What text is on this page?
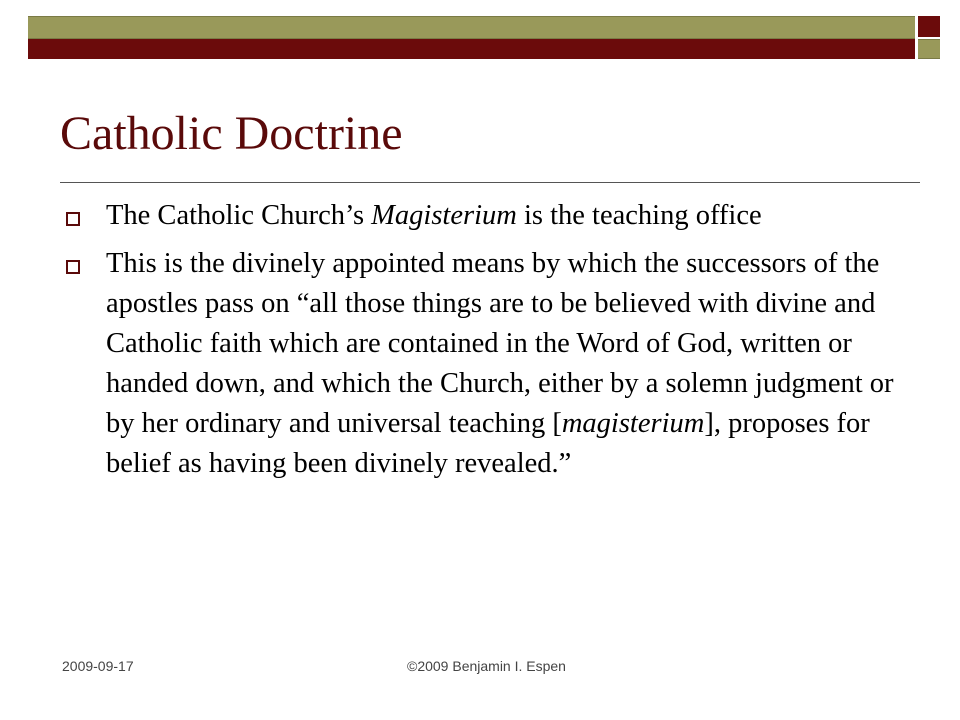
Catholic Doctrine
The Catholic Church’s Magisterium is the teaching office
This is the divinely appointed means by which the successors of the apostles pass on “all those things are to be believed with divine and Catholic faith which are contained in the Word of God, written or handed down, and which the Church, either by a solemn judgment or by her ordinary and universal teaching [magisterium], proposes for belief as having been divinely revealed.”
2009-09-17	©2009 Benjamin I. Espen
